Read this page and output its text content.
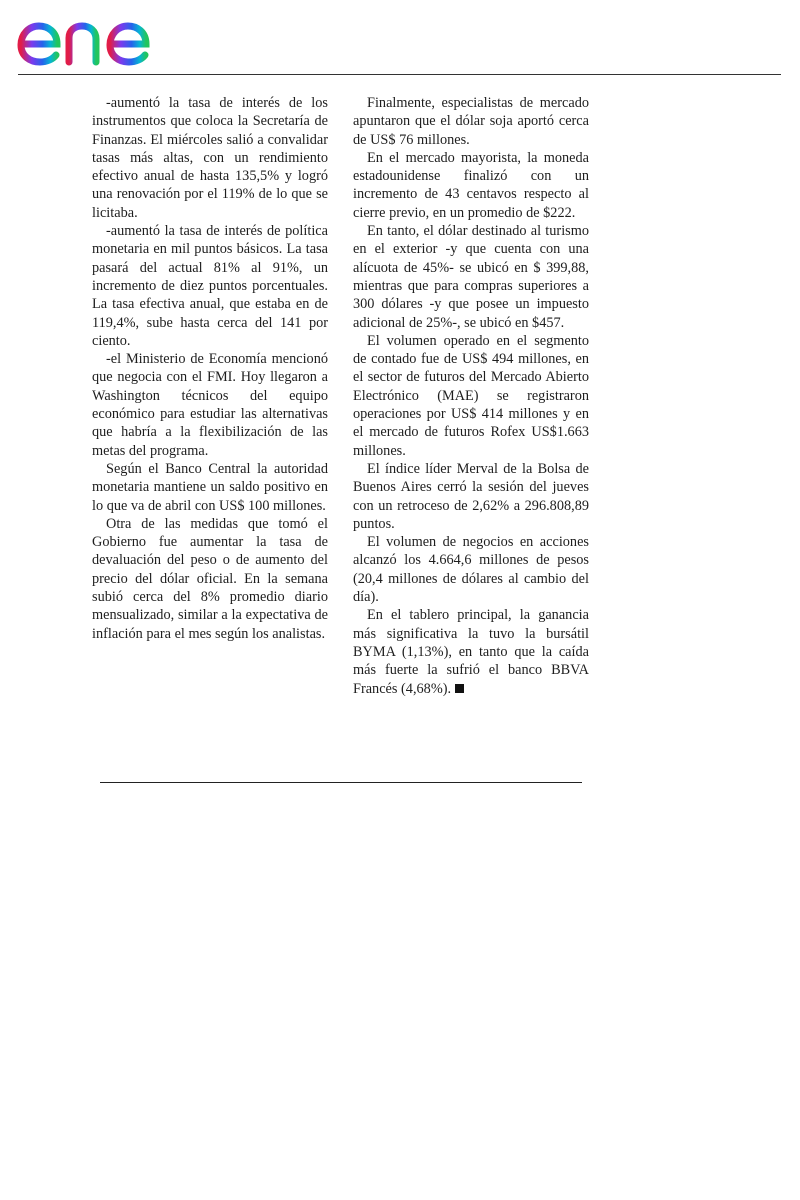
-aumentó la tasa de interés de los instrumentos que coloca la Secretaría de Finanzas. El miércoles salió a convalidar tasas más altas, con un rendimiento efectivo anual de hasta 135,5% y logró una renovación por el 119% de lo que se licitaba.

-aumentó la tasa de interés de política monetaria en mil puntos básicos. La tasa pasará del actual 81% al 91%, un incremento de diez puntos porcentuales. La tasa efectiva anual, que estaba en de 119,4%, sube hasta cerca del 141 por ciento.

-el Ministerio de Economía mencionó que negocia con el FMI. Hoy llegaron a Washington técnicos del equipo económico para estudiar las alternativas que habría a la flexibilización de las metas del programa.

Según el Banco Central la autoridad monetaria mantiene un saldo positivo en lo que va de abril con US$ 100 millones.

Otra de las medidas que tomó el Gobierno fue aumentar la tasa de devaluación del peso o de aumento del precio del dólar oficial. En la semana subió cerca del 8% promedio diario mensualizado, similar a la expectativa de inflación para el mes según los analistas.

Finalmente, especialistas de mercado apuntaron que el dólar soja aportó cerca de US$ 76 millones.

En el mercado mayorista, la moneda estadounidense finalizó con un incremento de 43 centavos respecto al cierre previo, en un promedio de $222.

En tanto, el dólar destinado al turismo en el exterior -y que cuenta con una alícuota de 45%- se ubicó en $ 399,88, mientras que para compras superiores a 300 dólares -y que posee un impuesto adicional de 25%-, se ubicó en $457.

El volumen operado en el segmento de contado fue de US$ 494 millones, en el sector de futuros del Mercado Abierto Electrónico (MAE) se registraron operaciones por US$ 414 millones y en el mercado de futuros Rofex US$1.663 millones.

El índice líder Merval de la Bolsa de Buenos Aires cerró la sesión del jueves con un retroceso de 2,62% a 296.808,89 puntos.

El volumen de negocios en acciones alcanzó los 4.664,6 millones de pesos (20,4 millones de dólares al cambio del día).

En el tablero principal, la ganancia más significativa la tuvo la bursátil BYMA (1,13%), en tanto que la caída más fuerte la sufrió el banco BBVA Francés (4,68%).
